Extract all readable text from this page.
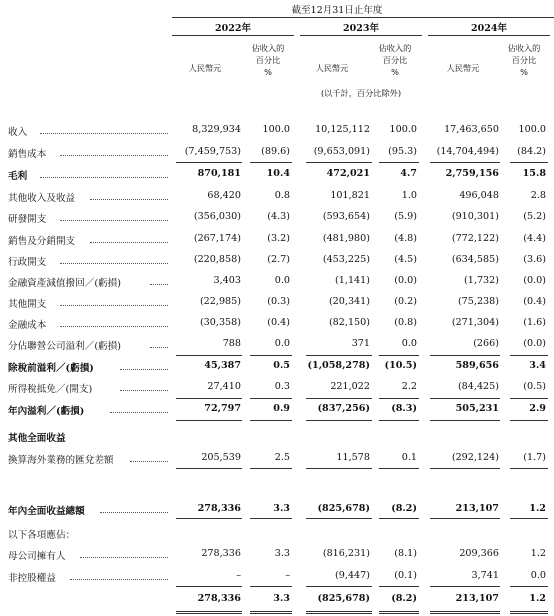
截至12月31日止年度
2022年
人民幣元
佔收入的
百分比
%
2023年
人民幣元
佔收入的
百分比
%
2024年
人民幣元
佔收入的
百分比
%
(以千計，百分比除外)
收入	8,329,934	100.0	10,125,112	100.0	17,463,650	100.0
銷售成本	(7,459,753)	(89.6)	(9,653,091)	(95.3)	(14,704,494)	(84.2)
毛利	870,181	10.4	472,021	4.7	2,759,156	15.8
其他收入及收益	68,420	0.8	101,821	1.0	496,048	2.8
研發開支	(356,030)	(4.3)	(593,654)	(5.9)	(910,301)	(5.2)
銷售及分銷開支	(267,174)	(3.2)	(481,980)	(4.8)	(772,122)	(4.4)
行政開支	(220,858)	(2.7)	(453,225)	(4.5)	(634,585)	(3.6)
金融資產減值撥回／(虧損)	3,403	0.0	(1,141)	(0.0)	(1,732)	(0.0)
其他開支	(22,985)	(0.3)	(20,341)	(0.2)	(75,238)	(0.4)
金融成本	(30,358)	(0.4)	(82,150)	(0.8)	(271,304)	(1.6)
分佔聯營公司溢利／(虧損)	788	0.0	371	0.0	(266)	(0.0)
除稅前溢利／(虧損)	45,387	0.5	(1,058,278)	(10.5)	589,656	3.4
所得稅抵免／(開支)	27,410	0.3	221,022	2.2	(84,425)	(0.5)
年內溢利／(虧損)	72,797	0.9	(837,256)	(8.3)	505,231	2.9
其他全面收益
換算海外業務的匯兌差額	205,539	2.5	11,578	0.1	(292,124)	(1.7)
年內全面收益總額	278,336	3.3	(825,678)	(8.2)	213,107	1.2
以下各項應佔：
母公司擁有人	278,336	3.3	(816,231)	(8.1)	209,366	1.2
非控股權益	–	–	(9,447)	(0.1)	3,741	0.0
278,336	3.3	(825,678)	(8.2)	213,107	1.2
